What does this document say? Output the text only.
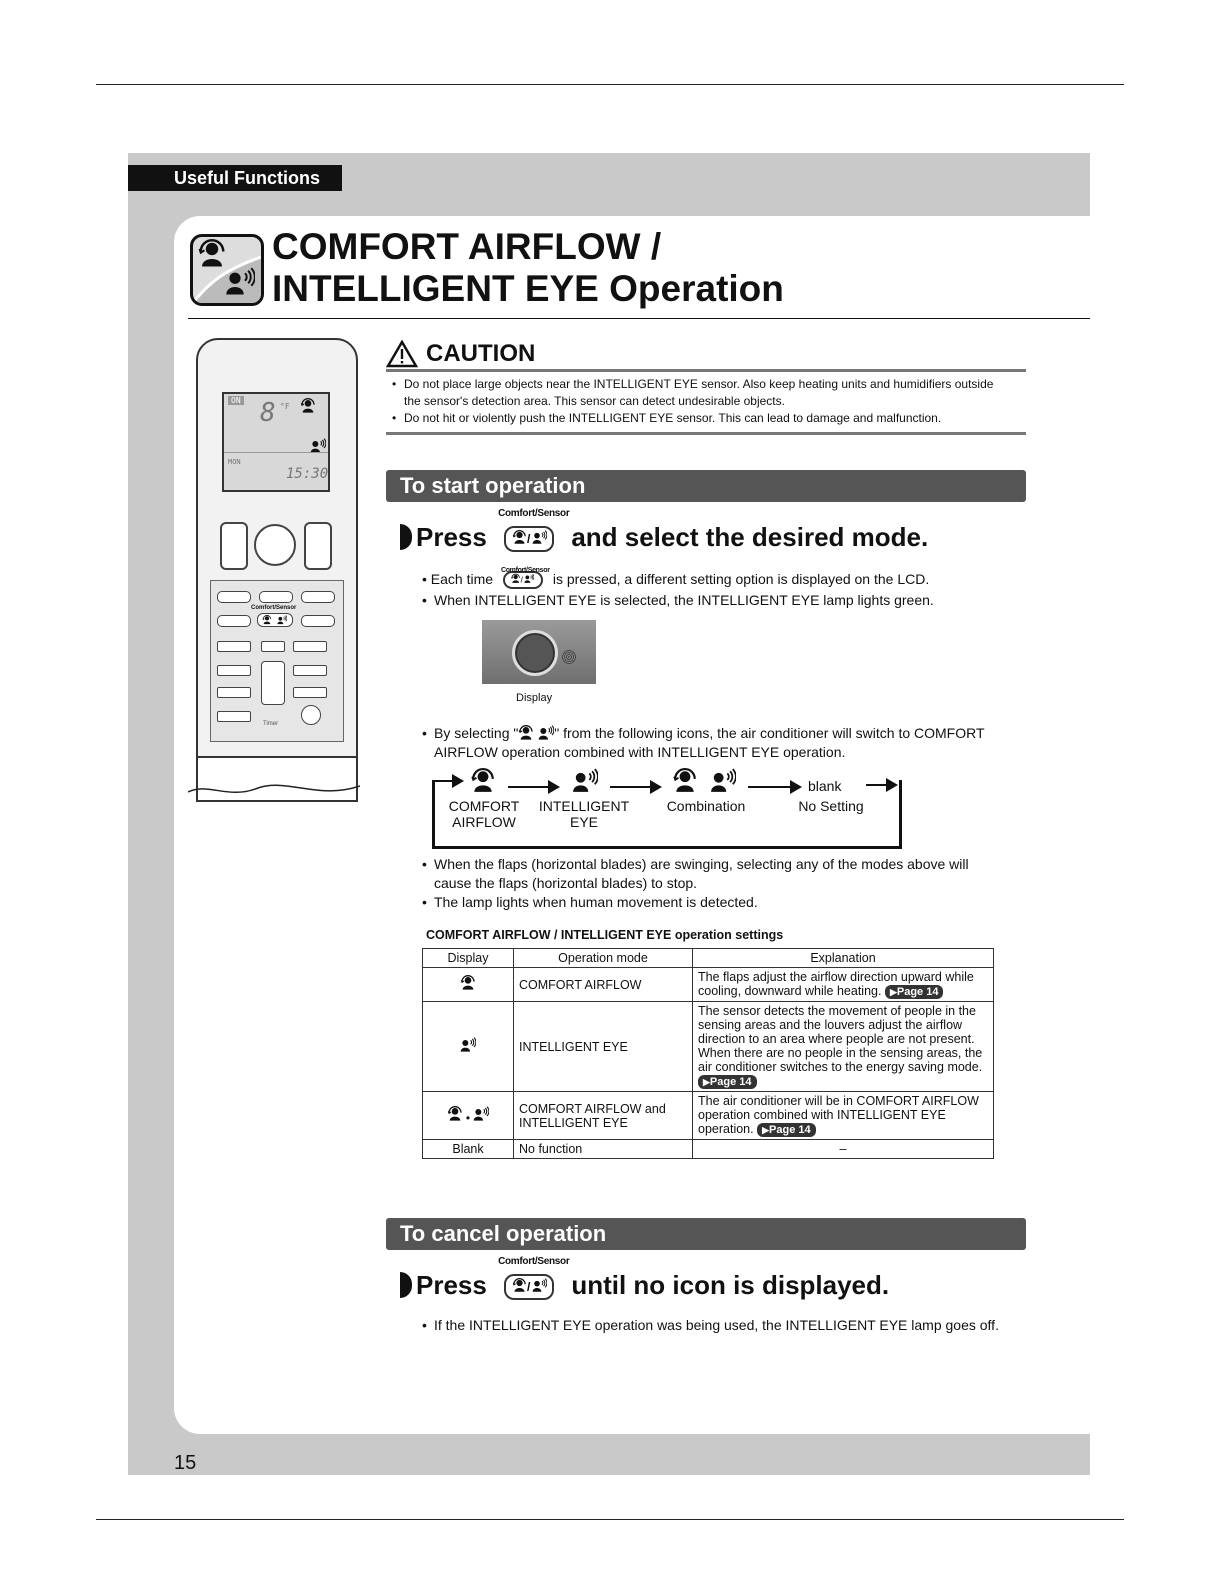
Useful Functions
COMFORT AIRFLOW /
INTELLIGENT EYE Operation
ON 8 °F
MON
15:30
Comfort/Sensor
Timer
CAUTION
• Do not place large objects near the INTELLIGENT EYE sensor. Also keep heating units and humidifiers outside the sensor's detection area. This sensor can detect undesirable objects.
• Do not hit or violently push the INTELLIGENT EYE sensor. This can lead to damage and malfunction.
To start operation
Press
Comfort/Sensor
/ and select the desired mode.
• Each time
Comfort/Sensor
/ is pressed, a different setting option is displayed on the LCD.
• When INTELLIGENT EYE is selected, the INTELLIGENT EYE lamp lights green.
Display
• By selecting "	" from the following icons, the air conditioner will switch to COMFORT AIRFLOW operation combined with INTELLIGENT EYE operation.
blank
COMFORT
AIRFLOW
INTELLIGENT
EYE
Combination	No Setting
• When the flaps (horizontal blades) are swinging, selecting any of the modes above will cause the flaps (horizontal blades) to stop.
• The lamp lights when human movement is detected.
COMFORT AIRFLOW / INTELLIGENT EYE operation settings
Display	Operation mode	Explanation
	COMFORT AIRFLOW	The flaps adjust the airflow direction upward while cooling, downward while heating. ▶ Page 14
	INTELLIGENT EYE	The sensor detects the movement of people in the sensing areas and the louvers adjust the airflow direction to an area where people are not present. When there are no people in the sensing areas, the air conditioner switches to the energy saving mode. ▶ Page 14
•	COMFORT AIRFLOW and INTELLIGENT EYE	The air conditioner will be in COMFORT AIRFLOW operation combined with INTELLIGENT EYE operation. ▶ Page 14
Blank	No function	–
To cancel operation
Press
Comfort/Sensor
/ until no icon is displayed.
• If the INTELLIGENT EYE operation was being used, the INTELLIGENT EYE lamp goes off.
15
